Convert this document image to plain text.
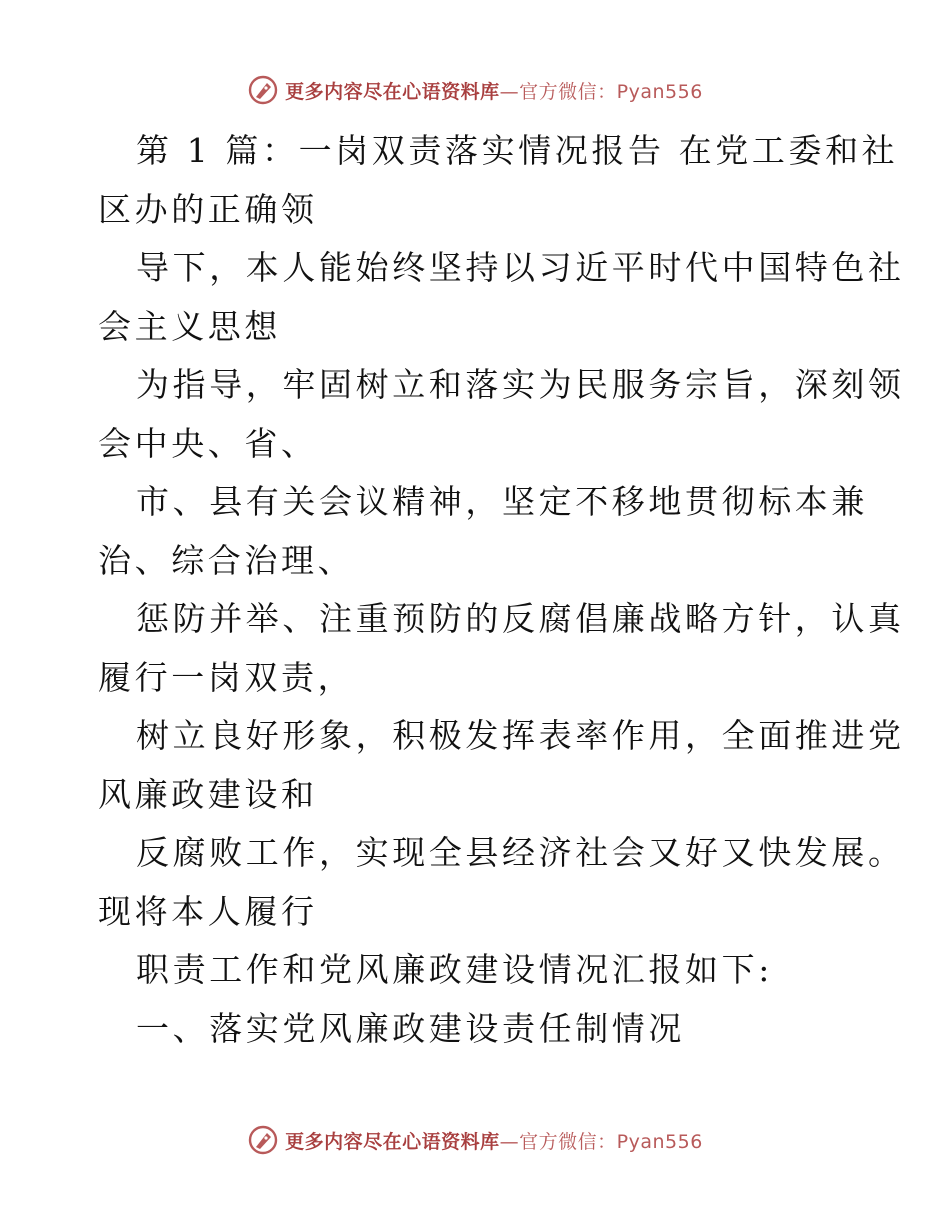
更多内容尽在心语资料库—官方微信：Pyan556
第 1 篇：一岗双责落实情况报告 在党工委和社
区办的正确领
导下，本人能始终坚持以习近平时代中国特色社
会主义思想
为指导，牢固树立和落实为民服务宗旨，深刻领
会中央、省、
市、县有关会议精神，坚定不移地贯彻标本兼
治、综合治理、
惩防并举、注重预防的反腐倡廉战略方针，认真
履行一岗双责，
树立良好形象，积极发挥表率作用，全面推进党
风廉政建设和
反腐败工作，实现全县经济社会又好又快发展。
现将本人履行
职责工作和党风廉政建设情况汇报如下:
一、落实党风廉政建设责任制情况
更多内容尽在心语资料库—官方微信：Pyan556
